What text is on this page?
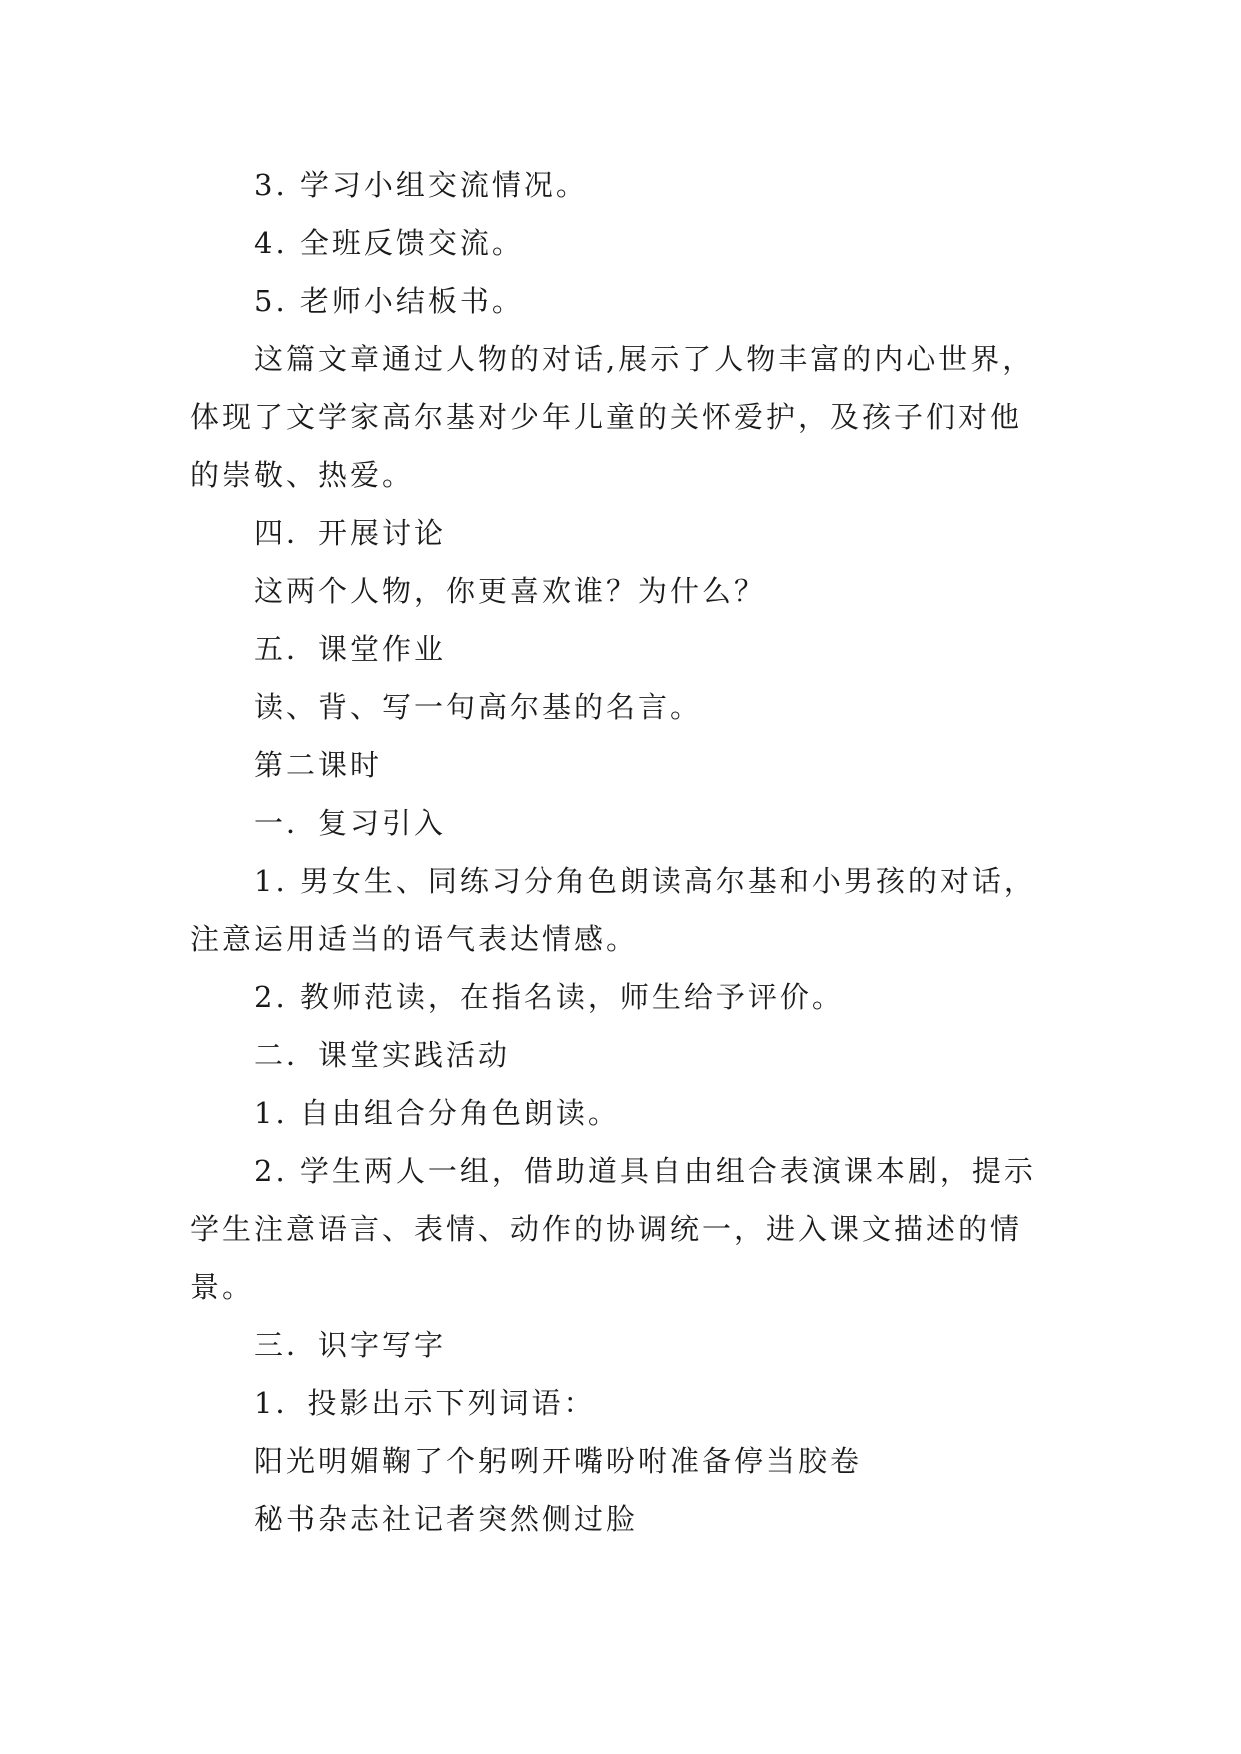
3. 学习小组交流情况。
4. 全班反馈交流。
5. 老师小结板书。
这篇文章通过人物的对话,展示了人物丰富的内心世界，
体现了文学家高尔基对少年儿童的关怀爱护，及孩子们对他
的崇敬、热爱。
四．开展讨论
这两个人物，你更喜欢谁？为什么？
五．课堂作业
读、背、写一句高尔基的名言。
第二课时
一．复习引入
1. 男女生、同练习分角色朗读高尔基和小男孩的对话，
注意运用适当的语气表达情感。
2. 教师范读，在指名读，师生给予评价。
二．课堂实践活动
1. 自由组合分角色朗读。
2. 学生两人一组，借助道具自由组合表演课本剧，提示
学生注意语言、表情、动作的协调统一，进入课文描述的情
景。
三．识字写字
1．投影出示下列词语：
阳光明媚鞠了个躬咧开嘴吩咐准备停当胶卷
秘书杂志社记者突然侧过脸
